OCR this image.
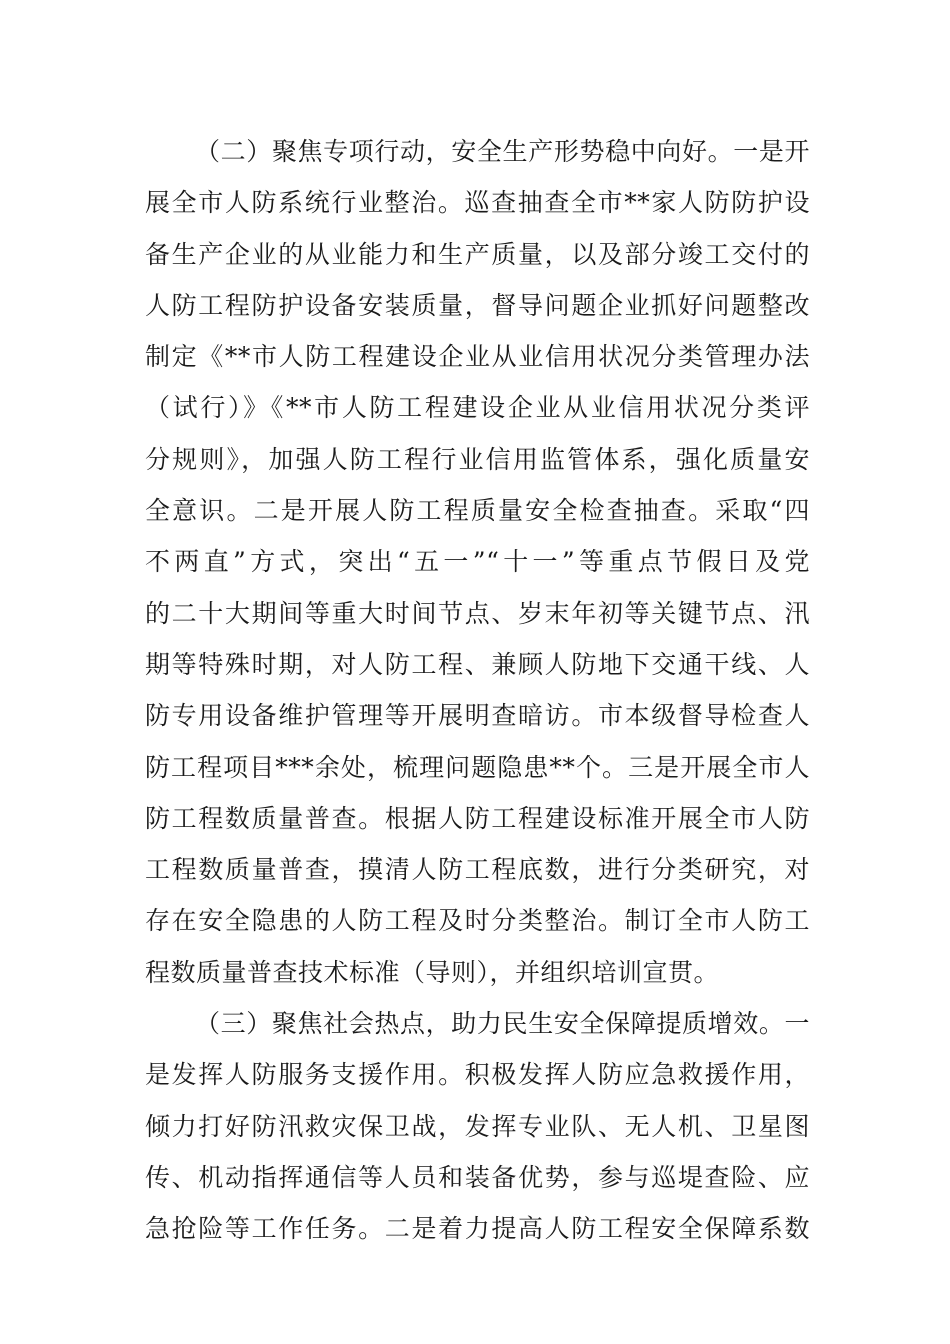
（二）聚焦专项行动，安全生产形势稳中向好。一是开
展全市人防系统行业整治。巡查抽查全市**家人防防护设
备生产企业的从业能力和生产质量，以及部分竣工交付的
人防工程防护设备安装质量，督导问题企业抓好问题整改
制定《**市人防工程建设企业从业信用状况分类管理办法
（试行）》《**市人防工程建设企业从业信用状况分类评
分规则》，加强人防工程行业信用监管体系，强化质量安
全意识。二是开展人防工程质量安全检查抽查。采取“四
不两直”方式，突出“五一”“十一”等重点节假日及党
的二十大期间等重大时间节点、岁末年初等关键节点、汛
期等特殊时期，对人防工程、兼顾人防地下交通干线、人
防专用设备维护管理等开展明查暗访。市本级督导检查人
防工程项目***余处，梳理问题隐患**个。三是开展全市人
防工程数质量普查。根据人防工程建设标准开展全市人防
工程数质量普查，摸清人防工程底数，进行分类研究，对
存在安全隐患的人防工程及时分类整治。制订全市人防工
程数质量普查技术标准（导则），并组织培训宣贯。

（三）聚焦社会热点，助力民生安全保障提质增效。一
是发挥人防服务支援作用。积极发挥人防应急救援作用，
倾力打好防汛救灾保卫战，发挥专业队、无人机、卫星图
传、机动指挥通信等人员和装备优势，参与巡堤查险、应
急抢险等工作任务。二是着力提高人防工程安全保障系数
